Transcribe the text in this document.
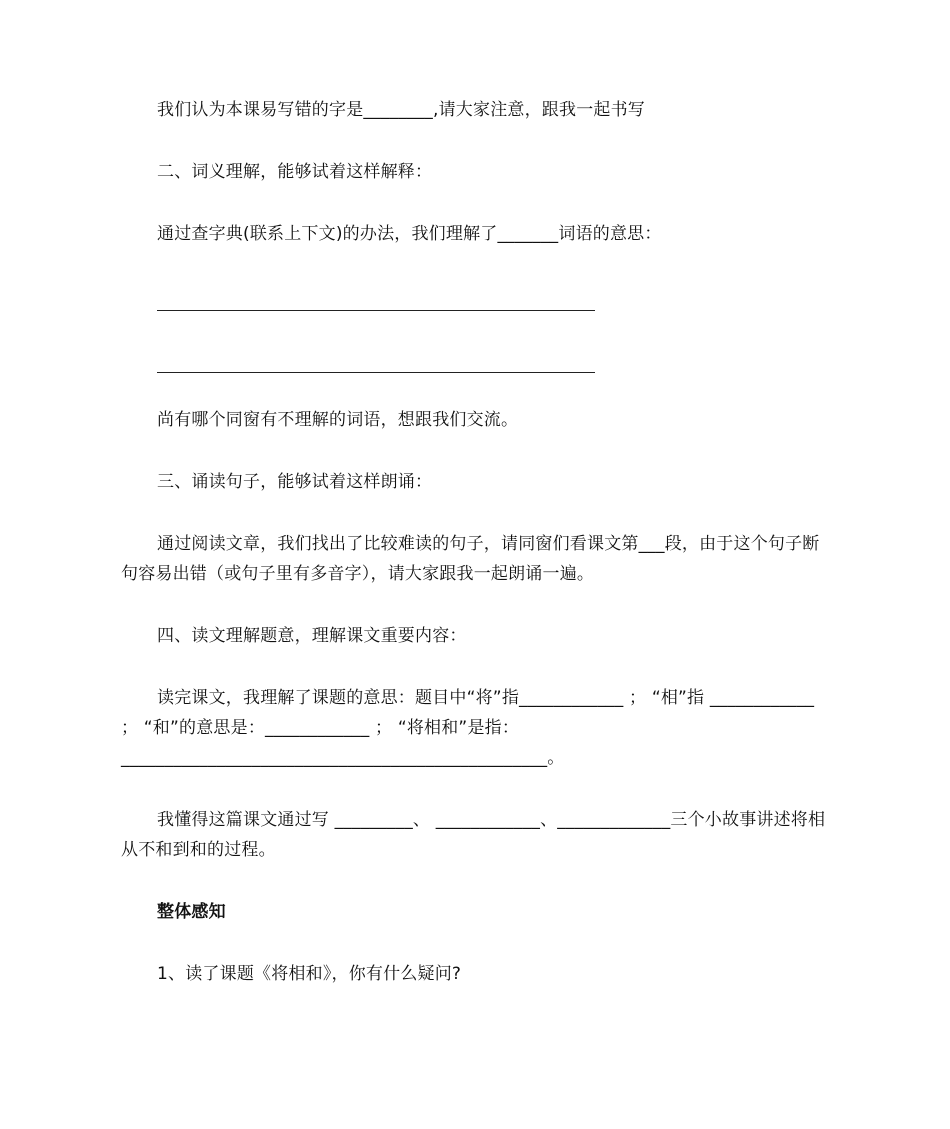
我们认为本课易写错的字是________,请大家注意，跟我一起书写

二、词义理解，能够试着这样解释：

通过查字典(联系上下文)的办法，我们理解了_______词语的意思：

尚有哪个同窗有不理解的词语，想跟我们交流。

三、诵读句子，能够试着这样朗诵：

通过阅读文章，我们找出了比较难读的句子，请同窗们看课文第___段，由于这个句子断句容易出错（或句子里有多音字），请大家跟我一起朗诵一遍。

四、读文理解题意，理解课文重要内容：

读完课文，我理解了课题的意思：题目中“将”指____________ ； “相”指 ____________ ； “和”的意思是：____________ ； “将相和”是指：_________________________________________________。

我懂得这篇课文通过写 _________、 ____________、_____________三个小故事讲述将相从不和到和的过程。

整体感知

1、读了课题《将相和》，你有什么疑问?
